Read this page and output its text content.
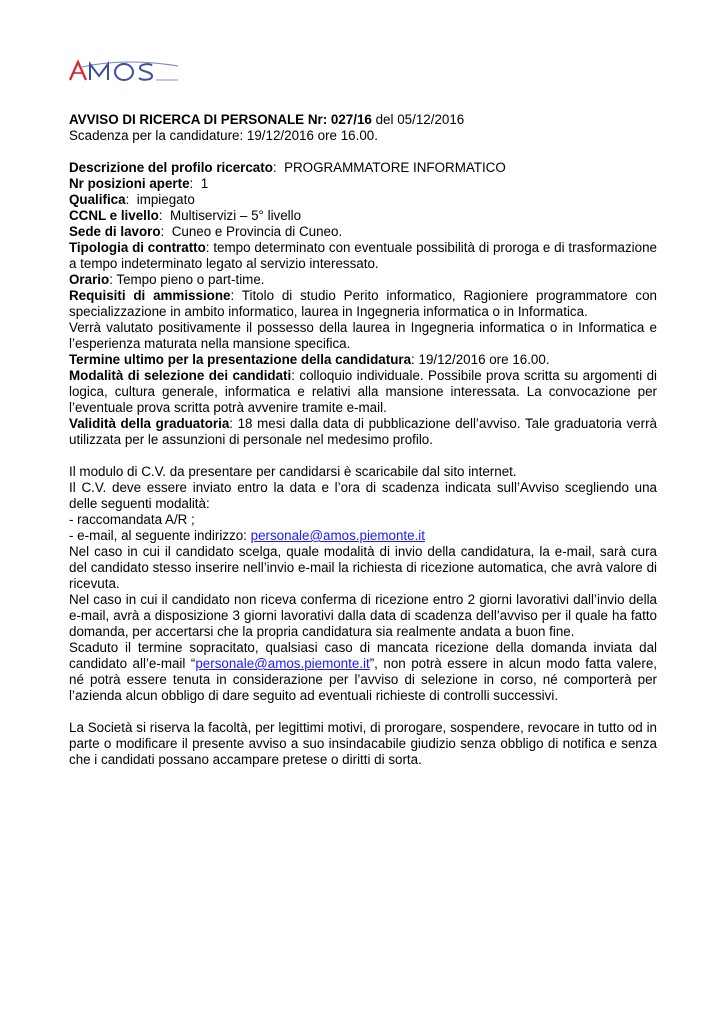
AVVISO DI RICERCA DI PERSONALE Nr: 027/16 del 05/12/2016

Scadenza per la candidature: 19/12/2016 ore 16.00.

Descrizione del profilo ricercato:  PROGRAMMATORE INFORMATICO

Nr posizioni aperte:  1

Qualifica:  impiegato

CCNL e livello:  Multiservizi – 5° livello

Sede di lavoro:  Cuneo e Provincia di Cuneo.

Tipologia di contratto: tempo determinato con eventuale possibilità di proroga e di trasformazione a tempo indeterminato legato al servizio interessato.

Orario: Tempo pieno o part-time.

Requisiti di ammissione: Titolo di studio Perito informatico, Ragioniere programmatore con specializzazione in ambito informatico, laurea in Ingegneria informatica o in Informatica.

Verrà valutato positivamente il possesso della laurea in Ingegneria informatica o in Informatica e l’esperienza maturata nella mansione specifica.

Termine ultimo per la presentazione della candidatura: 19/12/2016 ore 16.00.

Modalità di selezione dei candidati: colloquio individuale. Possibile prova scritta su argomenti di logica, cultura generale, informatica e relativi alla mansione interessata. La convocazione per l’eventuale prova scritta potrà avvenire tramite e-mail.

Validità della graduatoria: 18 mesi dalla data di pubblicazione dell’avviso. Tale graduatoria verrà utilizzata per le assunzioni di personale nel medesimo profilo.

Il modulo di C.V. da presentare per candidarsi è scaricabile dal sito internet.

Il C.V. deve essere inviato entro la data e l’ora di scadenza indicata sull’Avviso scegliendo una delle seguenti modalità:

- raccomandata A/R ;

- e-mail, al seguente indirizzo: personale@amos.piemonte.it

Nel caso in cui il candidato scelga, quale modalità di invio della candidatura, la e-mail, sarà cura del candidato stesso inserire nell’invio e-mail la richiesta di ricezione automatica, che avrà valore di ricevuta.

Nel caso in cui il candidato non riceva conferma di ricezione entro 2 giorni lavorativi dall’invio della e-mail, avrà a disposizione 3 giorni lavorativi dalla data di scadenza dell’avviso per il quale ha fatto domanda, per accertarsi che la propria candidatura sia realmente andata a buon fine.

Scaduto il termine sopracitato, qualsiasi caso di mancata ricezione della domanda inviata dal candidato all’e-mail “personale@amos.piemonte.it”, non potrà essere in alcun modo fatta valere, né potrà essere tenuta in considerazione per l’avviso di selezione in corso, né comporterà per l’azienda alcun obbligo di dare seguito ad eventuali richieste di controlli successivi.

La Società si riserva la facoltà, per legittimi motivi, di prorogare, sospendere, revocare in tutto od in parte o modificare il presente avviso a suo insindacabile giudizio senza obbligo di notifica e senza che i candidati possano accampare pretese o diritti di sorta.
